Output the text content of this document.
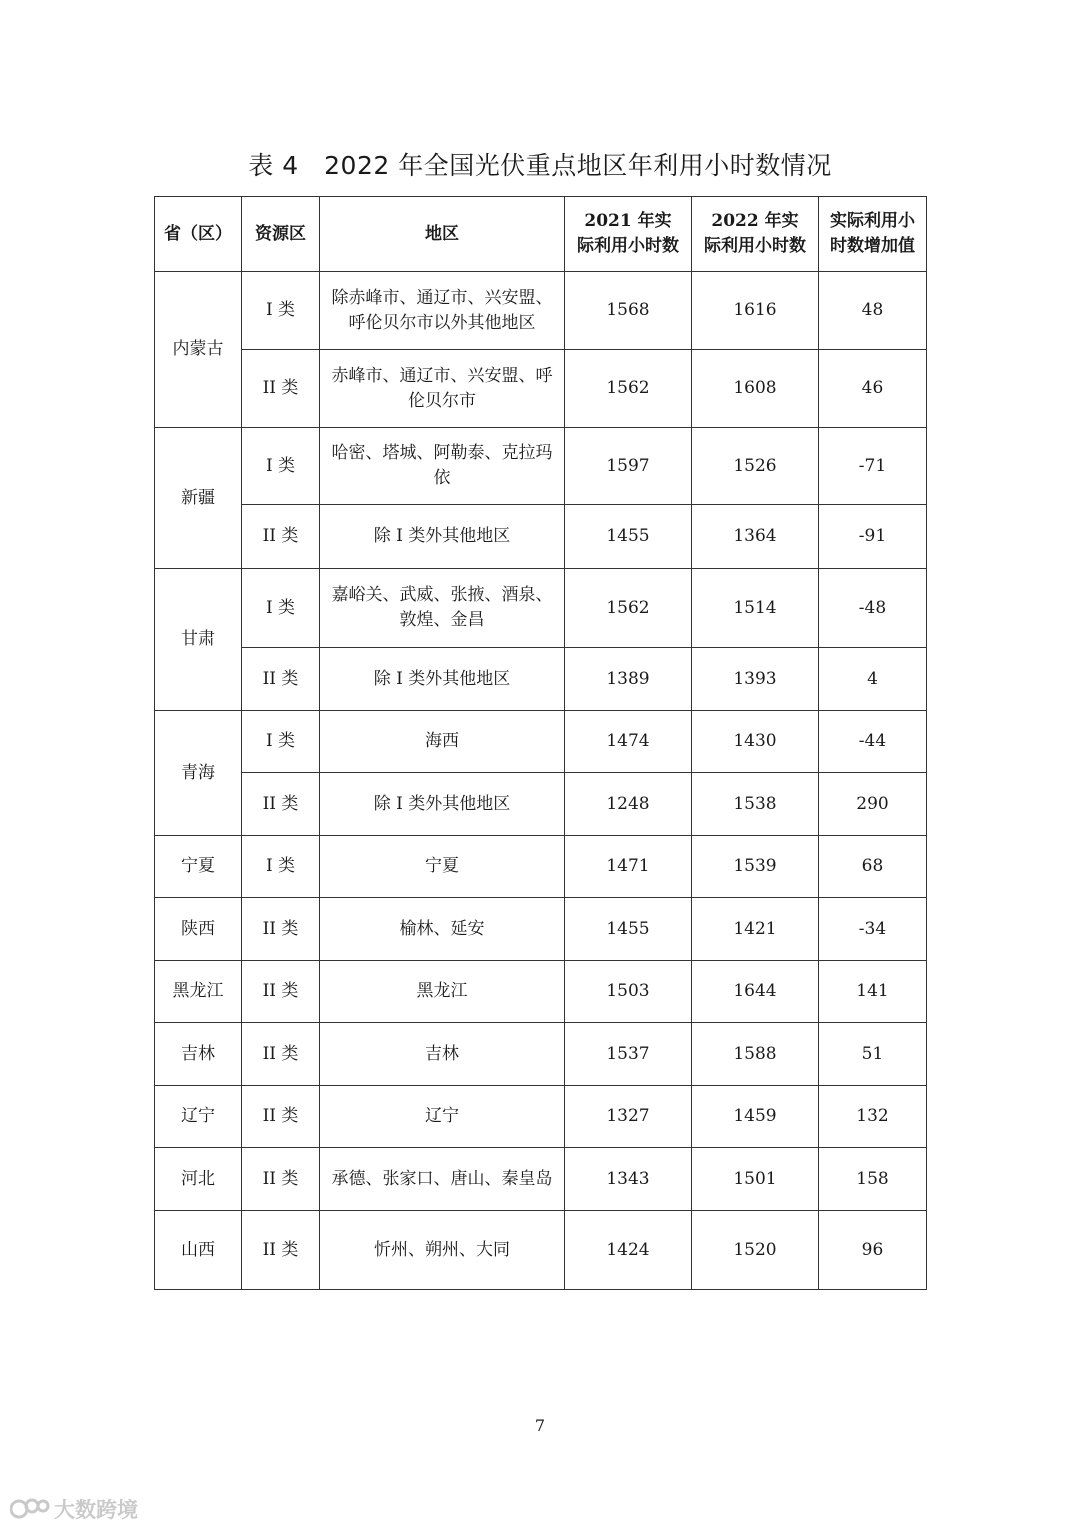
表 4　2022 年全国光伏重点地区年利用小时数情况
省（区）	资源区	地区	2021 年实际利用小时数	2022 年实际利用小时数	实际利用小时数增加值
内蒙古	I 类	除赤峰市、通辽市、兴安盟、呼伦贝尔市以外其他地区	1568	1616	48
	II 类	赤峰市、通辽市、兴安盟、呼伦贝尔市	1562	1608	46
新疆	I 类	哈密、塔城、阿勒泰、克拉玛依	1597	1526	-71
	II 类	除 I 类外其他地区	1455	1364	-91
甘肃	I 类	嘉峪关、武威、张掖、酒泉、敦煌、金昌	1562	1514	-48
	II 类	除 I 类外其他地区	1389	1393	4
青海	I 类	海西	1474	1430	-44
	II 类	除 I 类外其他地区	1248	1538	290
宁夏	I 类	宁夏	1471	1539	68
陕西	II 类	榆林、延安	1455	1421	-34
黑龙江	II 类	黑龙江	1503	1644	141
吉林	II 类	吉林	1537	1588	51
辽宁	II 类	辽宁	1327	1459	132
河北	II 类	承德、张家口、唐山、秦皇岛	1343	1501	158
山西	II 类	忻州、朔州、大同	1424	1520	96
7
大数跨境
